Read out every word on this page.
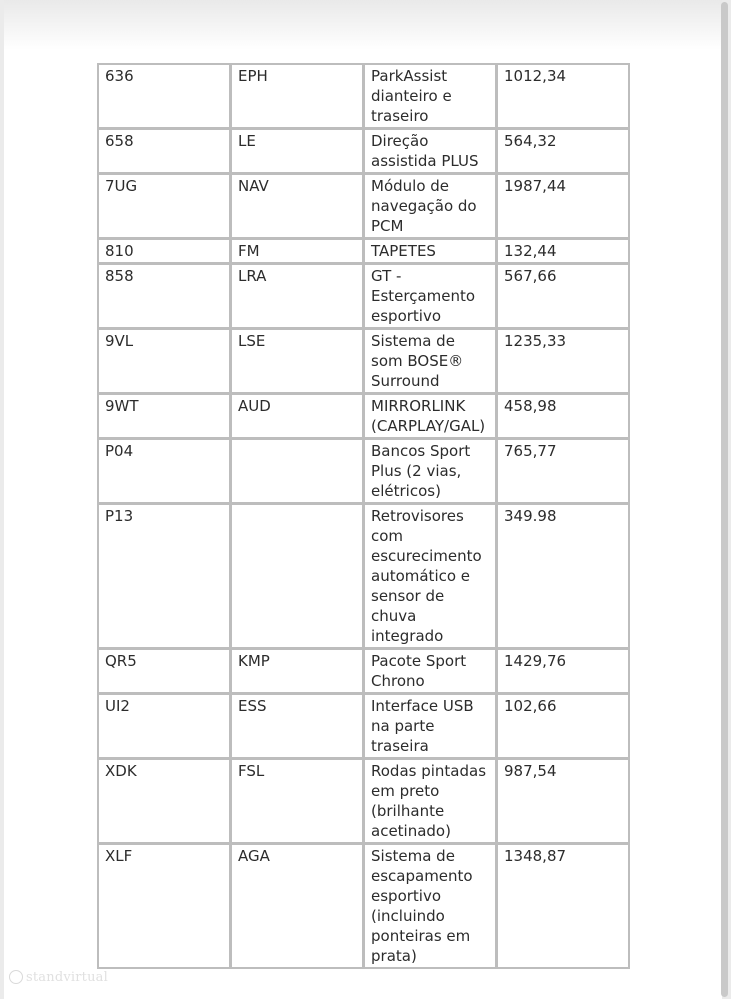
636	EPH	ParkAssist dianteiro e traseiro	1012,34
658	LE	Direção assistida PLUS	564,32
7UG	NAV	Módulo de navegação do PCM	1987,44
810	FM	TAPETES	132,44
858	LRA	GT - Esterçamento esportivo	567,66
9VL	LSE	Sistema de som BOSE® Surround	1235,33
9WT	AUD	MIRRORLINK (CARPLAY/GAL)	458,98
P04		Bancos Sport Plus (2 vias, elétricos)	765,77
P13		Retrovisores com escurecimento automático e sensor de chuva integrado	349.98
QR5	KMP	Pacote Sport Chrono	1429,76
UI2	ESS	Interface USB na parte traseira	102,66
XDK	FSL	Rodas pintadas em preto (brilhante acetinado)	987,54
XLF	AGA	Sistema de escapamento esportivo (incluindo ponteiras em prata)	1348,87
standvirtual
